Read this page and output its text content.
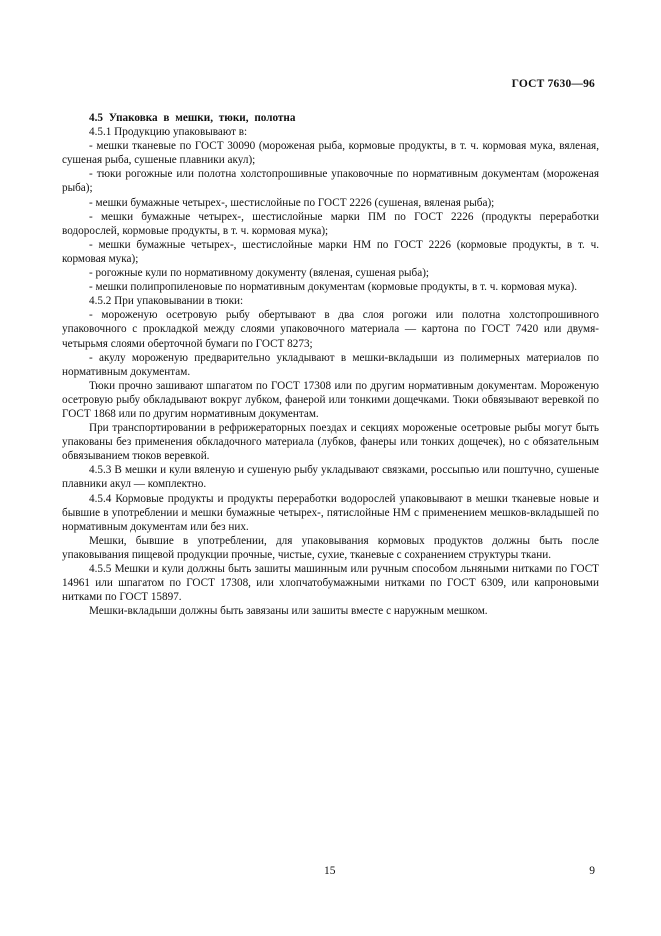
ГОСТ 7630—96

4.5 Упаковка в мешки, тюки, полотна

4.5.1 Продукцию упаковывают в:

- мешки тканевые по ГОСТ 30090 (мороженая рыба, кормовые продукты, в т. ч. кормовая мука, вяленая, сушеная рыба, сушеные плавники акул);

- тюки рогожные или полотна холстопрошивные упаковочные по нормативным документам (мороженая рыба);

- мешки бумажные четырех-, шестислойные по ГОСТ 2226 (сушеная, вяленая рыба);

- мешки бумажные четырех-, шестислойные марки ПМ по ГОСТ 2226 (продукты переработки водорослей, кормовые продукты, в т. ч. кормовая мука);

- мешки бумажные четырех-, шестислойные марки НМ по ГОСТ 2226 (кормовые продукты, в т. ч. кормовая мука);

- рогожные кули по нормативному документу (вяленая, сушеная рыба);

- мешки полипропиленовые по нормативным документам (кормовые продукты, в т. ч. кормовая мука).

4.5.2 При упаковывании в тюки:

- мороженую осетровую рыбу обертывают в два слоя рогожи или полотна холстопрошивного упаковочного с прокладкой между слоями упаковочного материала — картона по ГОСТ 7420 или двумя-четырьмя слоями оберточной бумаги по ГОСТ 8273;

- акулу мороженую предварительно укладывают в мешки-вкладыши из полимерных материалов по нормативным документам.

Тюки прочно зашивают шпагатом по ГОСТ 17308 или по другим нормативным документам. Мороженую осетровую рыбу обкладывают вокруг лубком, фанерой или тонкими дощечками. Тюки обвязывают веревкой по ГОСТ 1868 или по другим нормативным документам.

При транспортировании в рефрижераторных поездах и секциях мороженые осетровые рыбы могут быть упакованы без применения обкладочного материала (лубков, фанеры или тонких дощечек), но с обязательным обвязыванием тюков веревкой.

4.5.3 В мешки и кули вяленую и сушеную рыбу укладывают связками, россыпью или поштучно, сушеные плавники акул — комплектно.

4.5.4 Кормовые продукты и продукты переработки водорослей упаковывают в мешки тканевые новые и бывшие в употреблении и мешки бумажные четырех-, пятислойные НМ с применением мешков-вкладышей по нормативным документам или без них.

Мешки, бывшие в употреблении, для упаковывания кормовых продуктов должны быть после упаковывания пищевой продукции прочные, чистые, сухие, тканевые с сохранением структуры ткани.

4.5.5 Мешки и кули должны быть зашиты машинным или ручным способом льняными нитками по ГОСТ 14961 или шпагатом по ГОСТ 17308, или хлопчатобумажными нитками по ГОСТ 6309, или капроновыми нитками по ГОСТ 15897.

Мешки-вкладыши должны быть завязаны или зашиты вместе с наружным мешком.

15	9
